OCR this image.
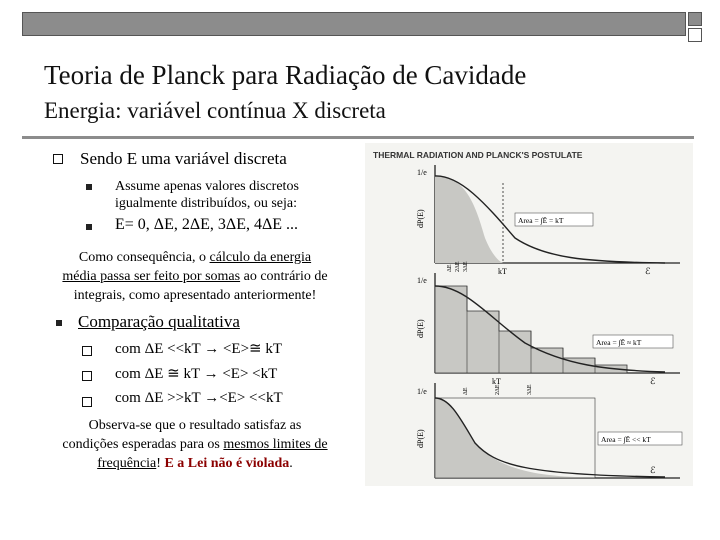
Teoria de Planck para Radiação de Cavidade
Energia: variável contínua X discreta
Sendo E uma variável discreta
Assume apenas valores discretos
igualmente distribuídos, ou seja:
E= 0, ΔE, 2ΔE, 3ΔE, 4ΔE ...
Como consequência, o cálculo da energia
média passa ser feito por somas ao contrário de
integrais, como apresentado anteriormente!
Comparação qualitativa
com ΔE <<kT → <E>≅ kT
com ΔE ≅ kT → <E> <kT
com ΔE >>kT →<E> <<kT
Observa-se que o resultado satisfaz as
condições esperadas para os mesmos limites de
frequência! E a Lei não é violada.
THERMAL RADIATION AND PLANCK'S POSTULATE
1/e
dP(E)	Area = ∫Ē = kT
kT	ℰ
ΔE 2ΔE 3ΔE
1/e
dP(E)
Area = ∫Ē ≈ kT
kT	ℰ
ΔE	2ΔE	3ΔE
1/e
dP(E)	Area = ∫Ē << kT
ℰ
